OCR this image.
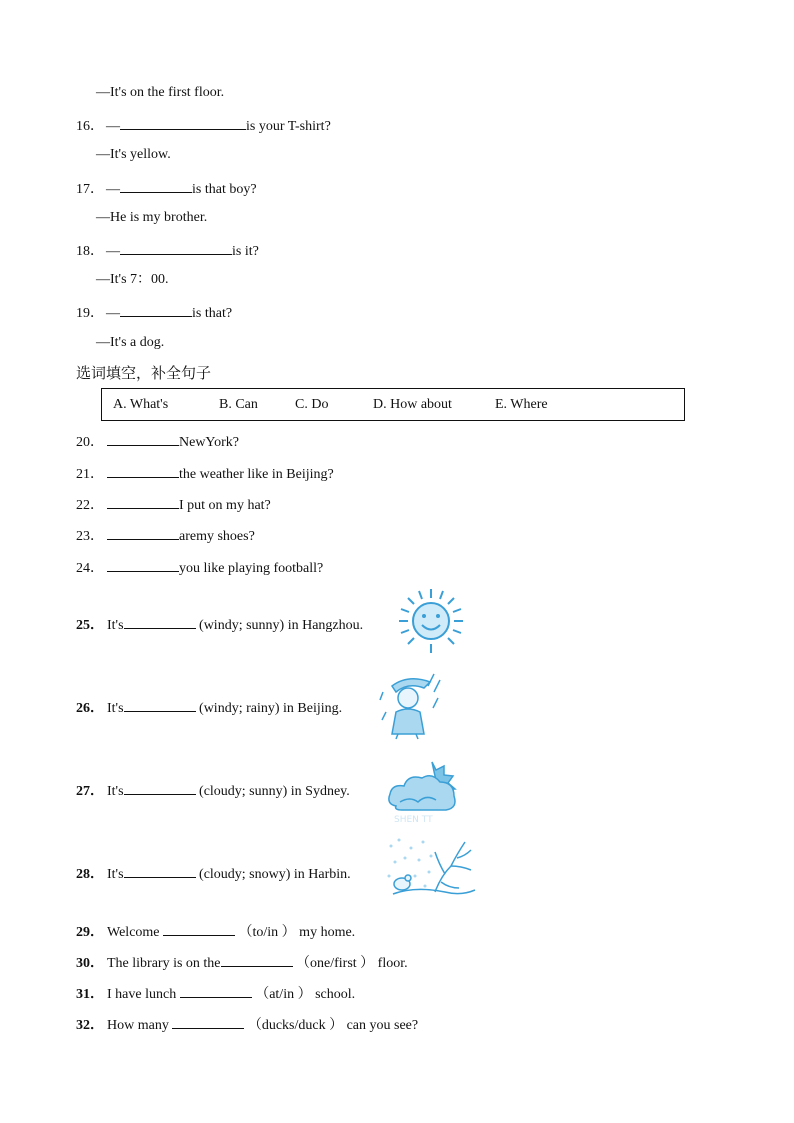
—It's on the first floor.
16． —	is your T-shirt?
—It's yellow.
17． —	is that boy?
—He is my brother.
18． —	is it?
—It's 7：00.
19． —	is that?
—It's a dog.
选词填空，补全句子
A. What's	B. Can	C. Do	D. How about	E. Where
20．	NewYork?
21．	the weather like in Beijing?
22．	I put on my hat?
23．	aremy shoes?
24．	you like playing football?
25． It's	(windy; sunny) in Hangzhou.
26． It's	(windy; rainy) in Beijing.
27． It's	(cloudy; sunny) in Sydney.
28． It's	(cloudy; snowy) in Harbin.
SHEN TT
29． Welcome	（to/in ） my home.
30． The library is on the	（one/first ） floor.
31． I have lunch	（at/in ） school.
32． How many	（ducks/duck ） can you see?
